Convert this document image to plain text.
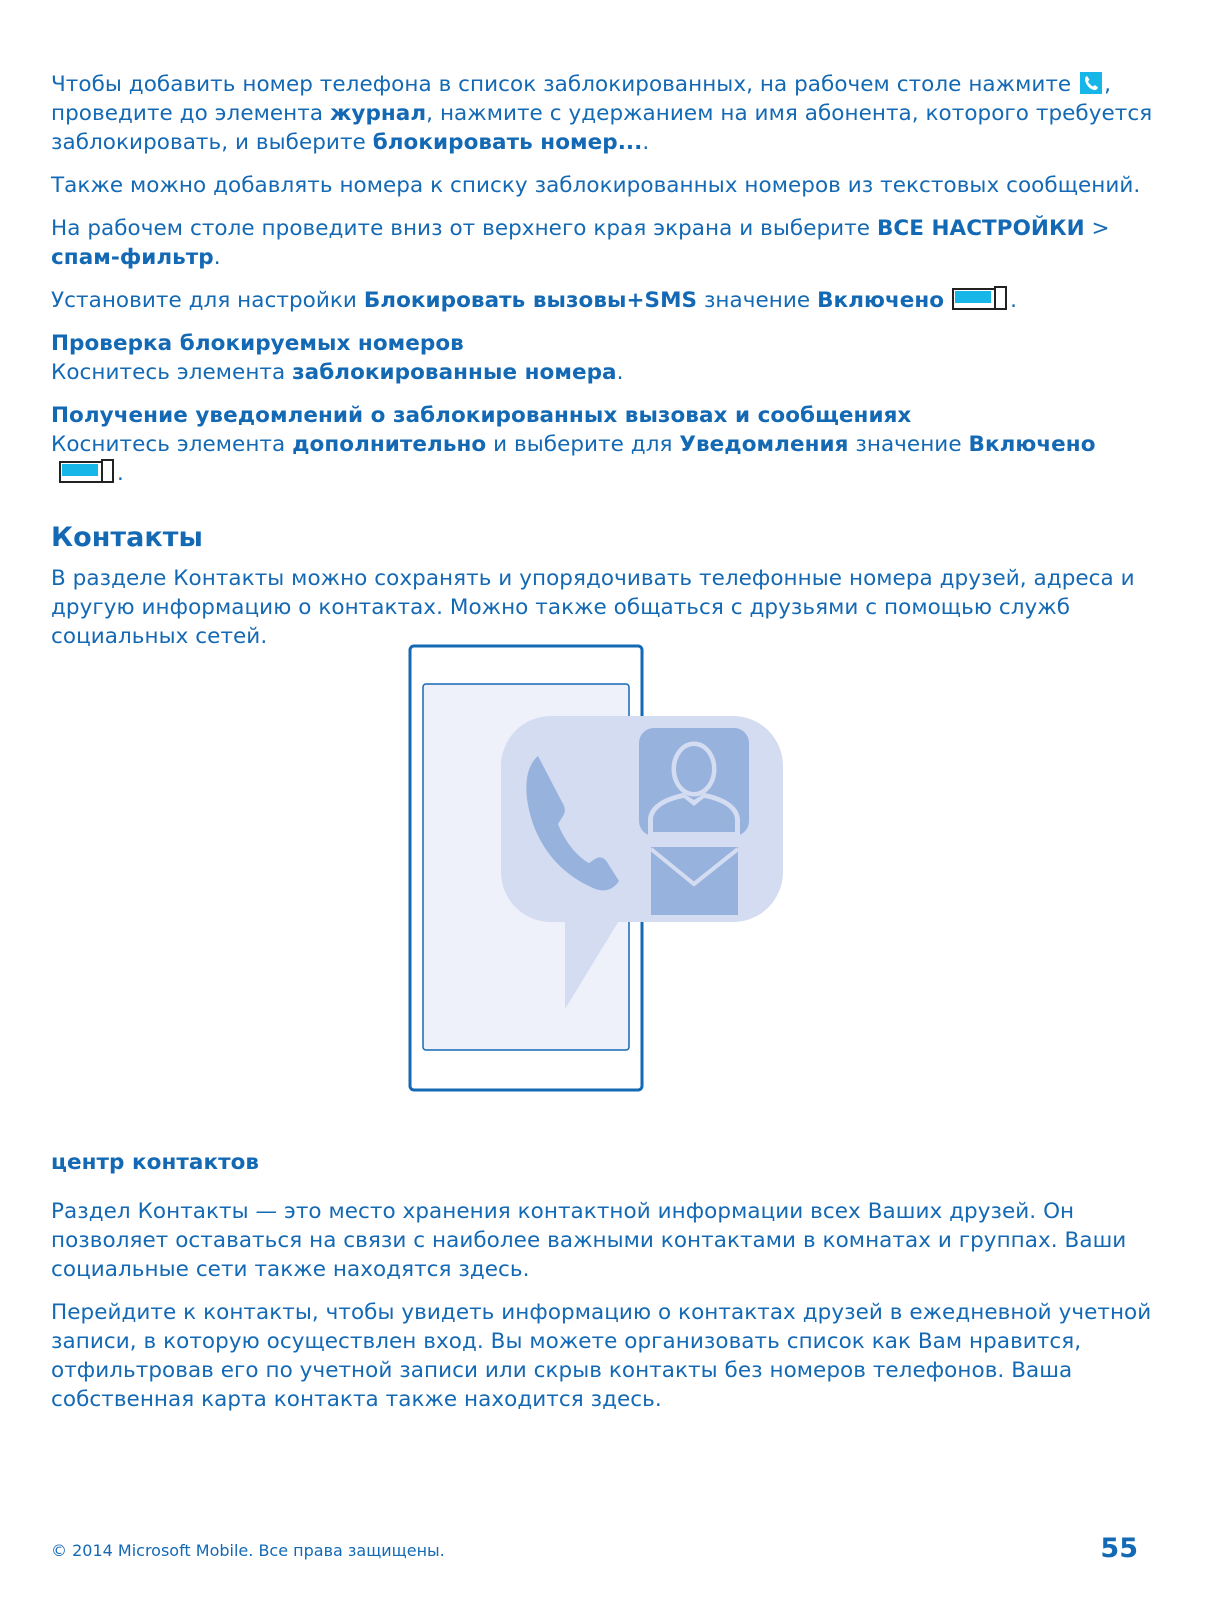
Чтобы добавить номер телефона в список заблокированных, на рабочем столе нажмите , проведите до элемента журнал, нажмите с удержанием на имя абонента, которого требуется заблокировать, и выберите блокировать номер....

Также можно добавлять номера к списку заблокированных номеров из текстовых сообщений.

На рабочем столе проведите вниз от верхнего края экрана и выберите ВСЕ НАСТРОЙКИ > спам-фильтр.

Установите для настройки Блокировать вызовы+SMS значение Включено	.

Проверка блокируемых номеров

Коснитесь элемента заблокированные номера.

Получение уведомлений о заблокированных вызовах и сообщениях

Коснитесь элемента дополнительно и выберите для Уведомления значение Включено
.

Контакты

В разделе Контакты можно сохранять и упорядочивать телефонные номера друзей, адреса и другую информацию о контактах. Можно также общаться с друзьями с помощью служб социальных сетей.

центр контактов

Раздел Контакты — это место хранения контактной информации всех Ваших друзей. Он позволяет оставаться на связи с наиболее важными контактами в комнатах и группах. Ваши социальные сети также находятся здесь.

Перейдите к контакты, чтобы увидеть информацию о контактах друзей в ежедневной учетной записи, в которую осуществлен вход. Вы можете организовать список как Вам нравится, отфильтровав его по учетной записи или скрыв контакты без номеров телефонов. Ваша собственная карта контакта также находится здесь.

© 2014 Microsoft Mobile. Все права защищены.	55
